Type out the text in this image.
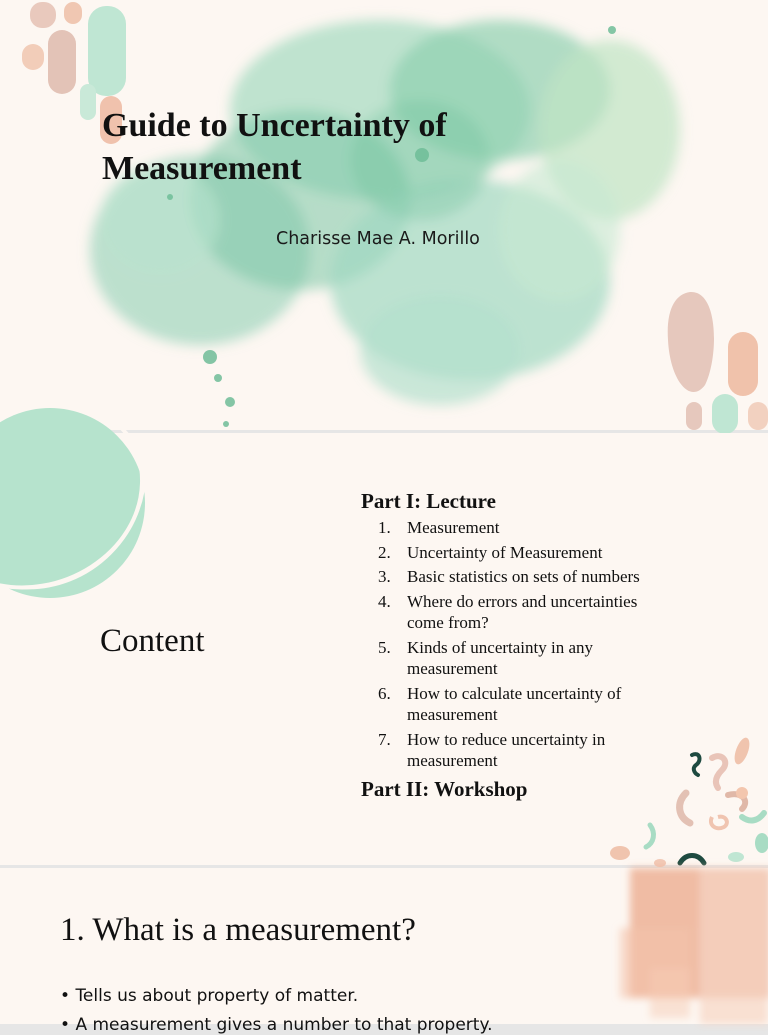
Guide to Uncertainty of
Measurement
Charisse Mae A. Morillo
Content
Part I: Lecture
1. Measurement
2. Uncertainty of Measurement
3. Basic statistics on sets of numbers
4. Where do errors and uncertainties come from?
5. Kinds of uncertainty in any measurement
6. How to calculate uncertainty of measurement
7. How to reduce uncertainty in measurement
Part II: Workshop
1. What is a measurement?
• Tells us about property of matter.
• A measurement gives a number to that property.
